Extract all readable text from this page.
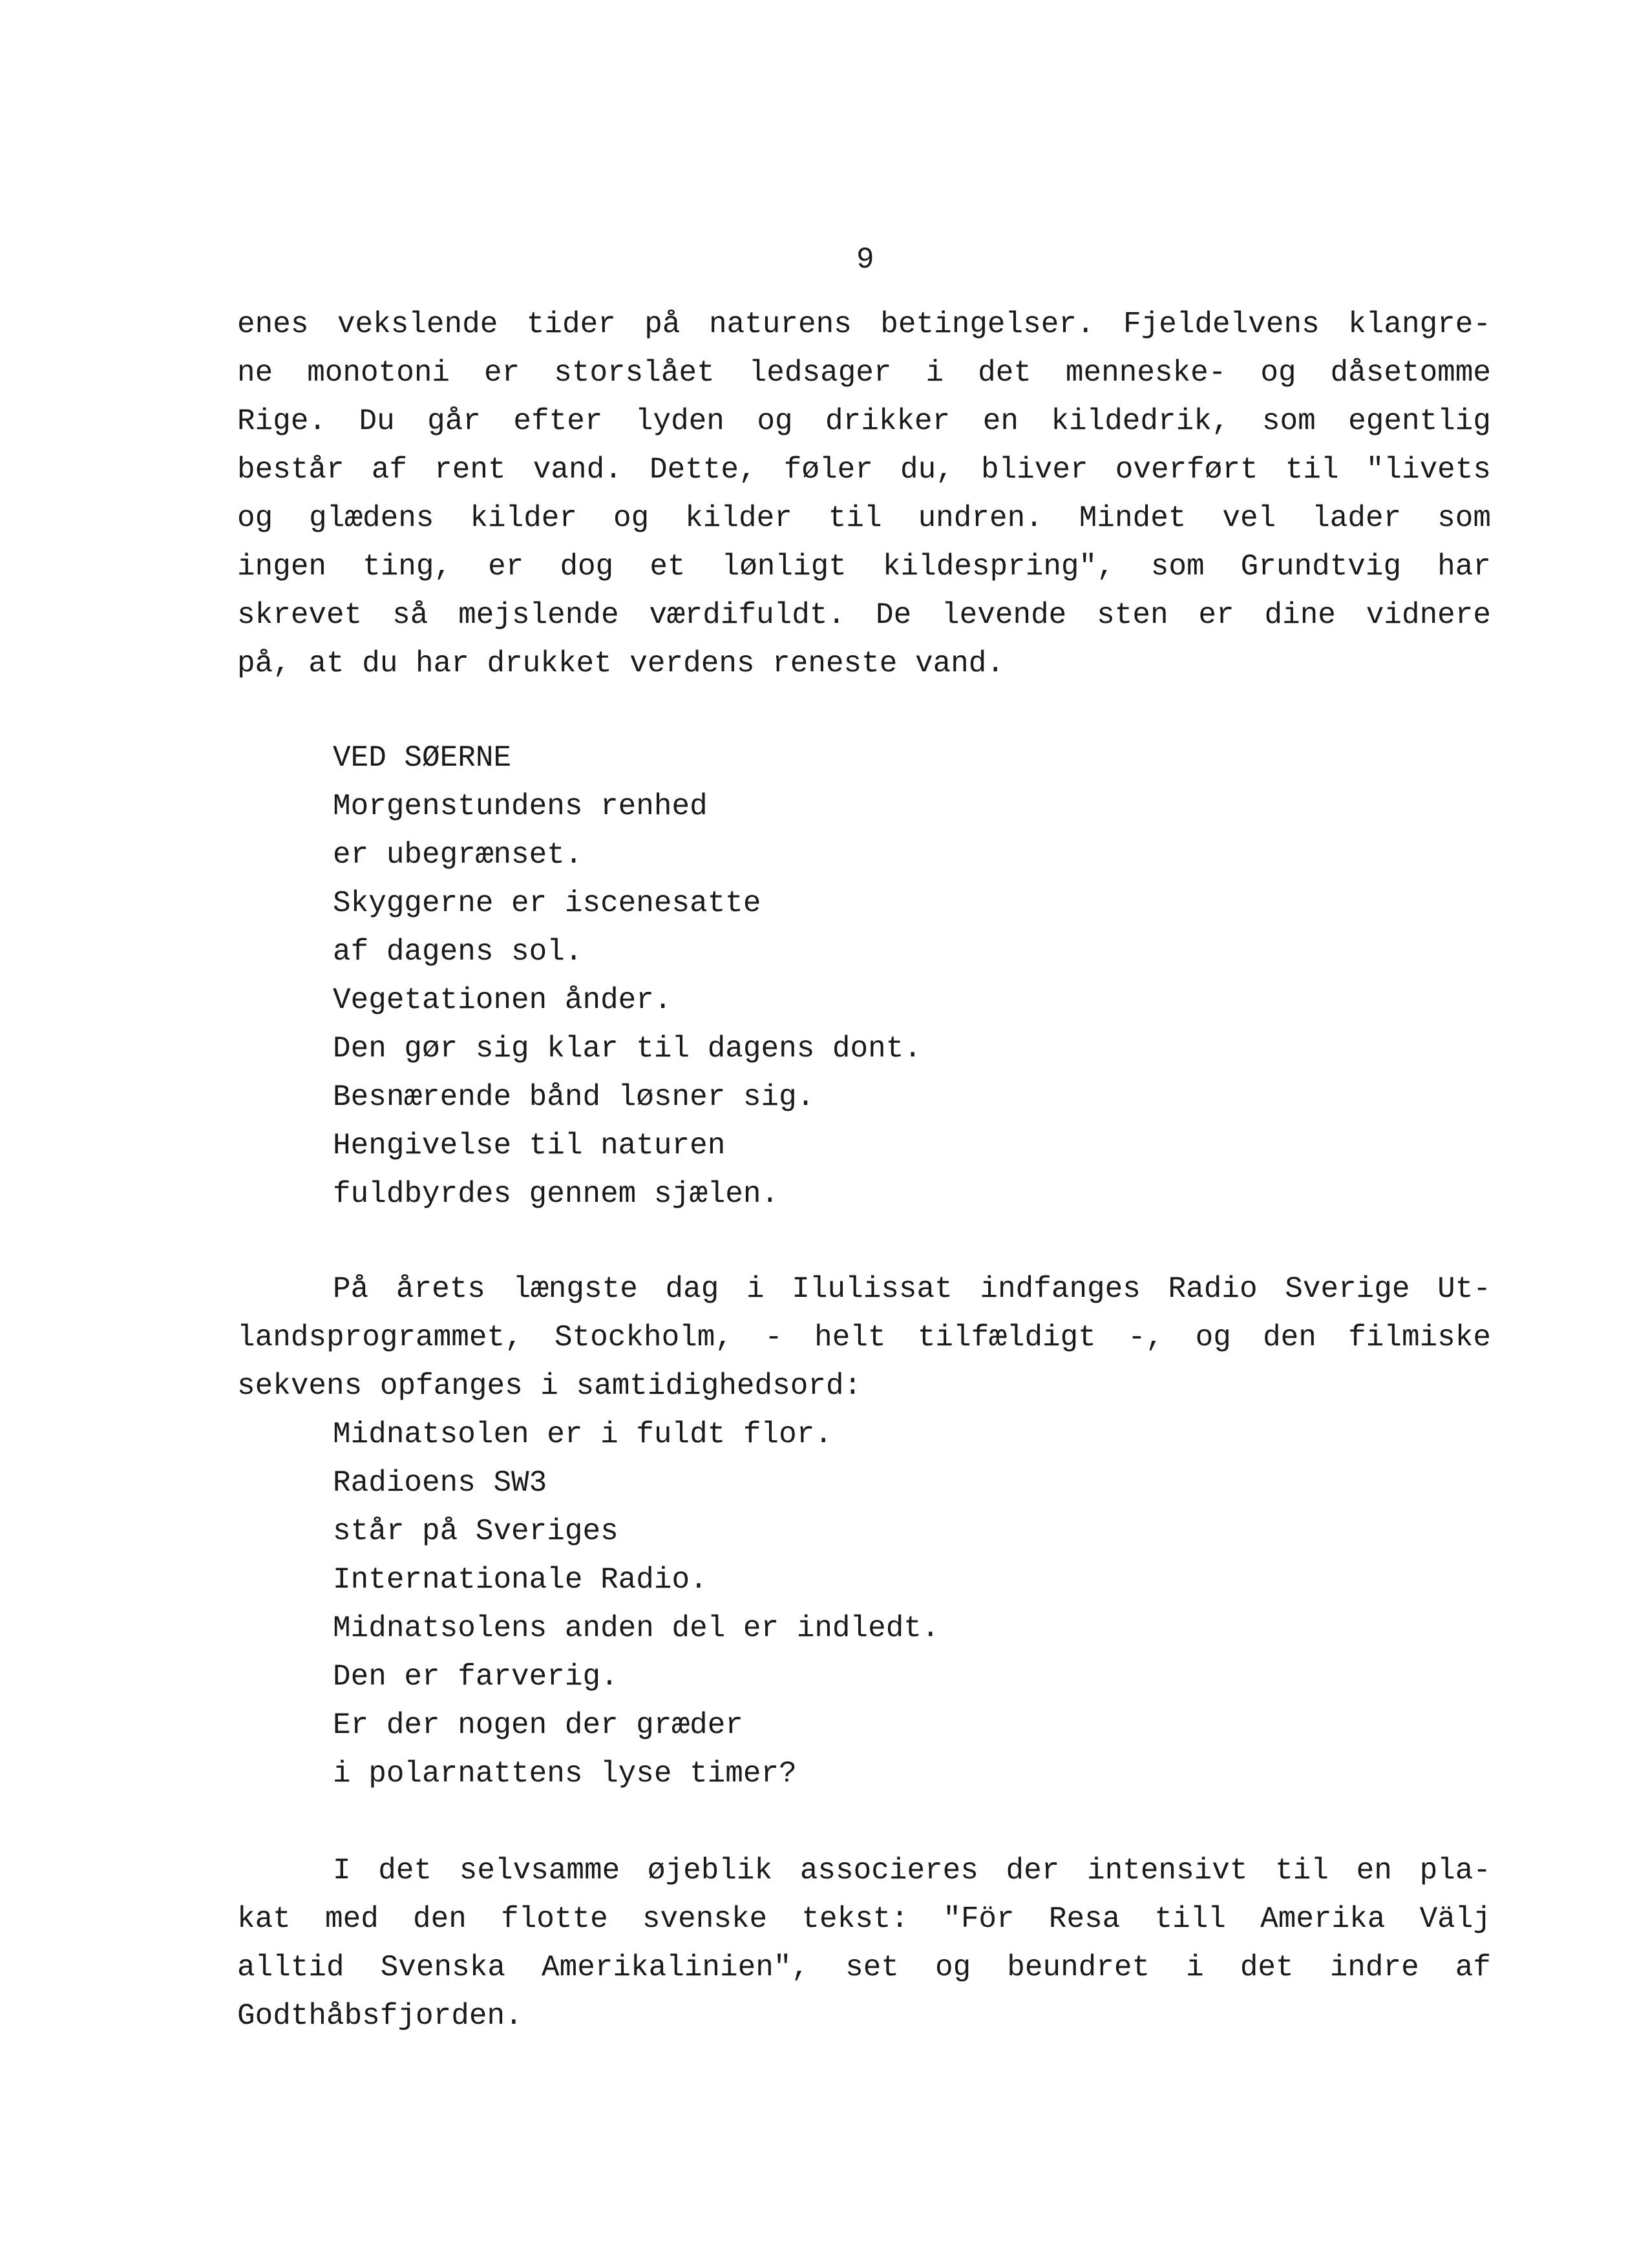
9
enes vekslende tider på naturens betingelser. Fjeldelvens klangre-
ne monotoni er storslået ledsager i det menneske- og dåsetomme
Rige. Du går efter lyden og drikker en kildedrik, som egentlig
består af rent vand. Dette, føler du, bliver overført til "livets
og glædens kilder og kilder til undren. Mindet vel lader som
ingen ting, er dog et lønligt kildespring", som Grundtvig har
skrevet så mejslende værdifuldt. De levende sten er dine vidnere
på, at du har drukket verdens reneste vand.
VED SØERNE
Morgenstundens renhed
er ubegrænset.
Skyggerne er iscenesatte
af dagens sol.
Vegetationen ånder.
Den gør sig klar til dagens dont.
Besnærende bånd løsner sig.
Hengivelse til naturen
fuldbyrdes gennem sjælen.
På årets længste dag i Ilulissat indfanges Radio Sverige Ut-
landsprogrammet, Stockholm, - helt tilfældigt -, og den filmiske
sekvens opfanges i samtidighedsord:
Midnatsolen er i fuldt flor.
Radioens SW3
står på Sveriges
Internationale Radio.
Midnatsolens anden del er indledt.
Den er farverig.
Er der nogen der græder
i polarnattens lyse timer?
I det selvsamme øjeblik associeres der intensivt til en pla-
kat med den flotte svenske tekst: "För Resa till Amerika Välj
alltid Svenska Amerikalinien", set og beundret i det indre af
Godthåbsfjorden.
